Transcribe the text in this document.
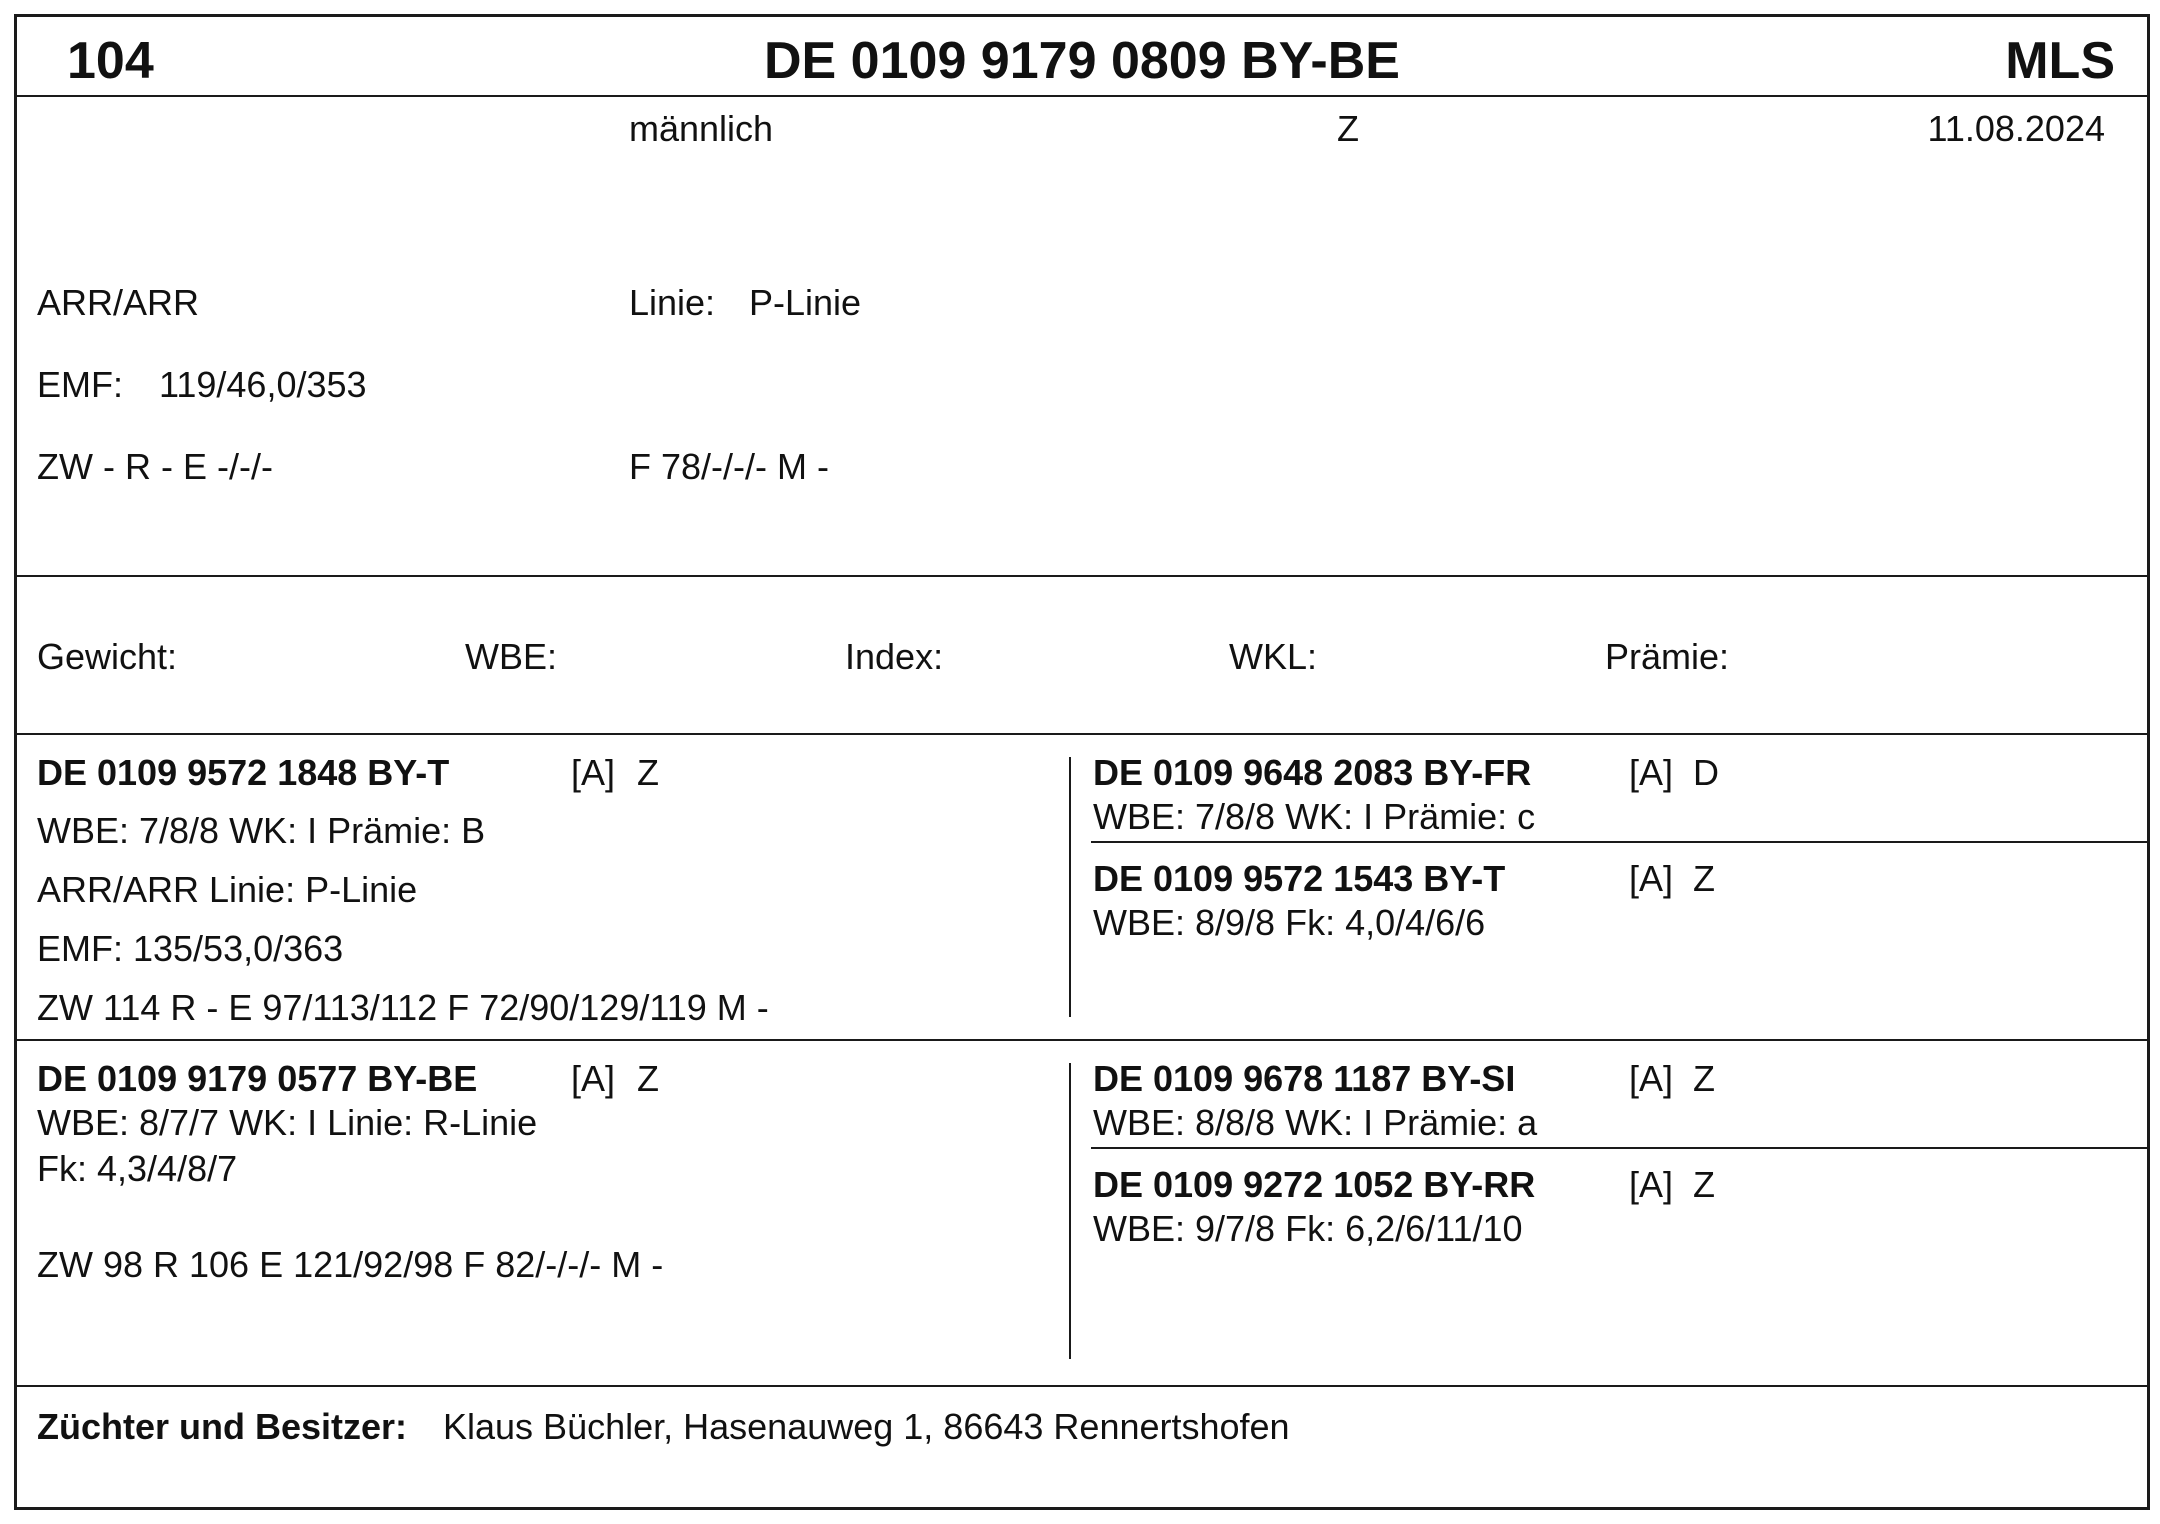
104	DE 0109 9179 0809 BY-BE	MLS
männlich	Z	11.08.2024
ARR/ARR	Linie: P-Linie
EMF: 119/46,0/353
ZW - R - E -/-/-	F 78/-/-/- M -
Gewicht:	WBE:	Index:	WKL:	Prämie:
DE 0109 9572 1848 BY-T	[A] Z
WBE: 7/8/8 WK: I Prämie: B
ARR/ARR Linie: P-Linie
EMF: 135/53,0/363
ZW 114 R - E 97/113/112 F 72/90/129/119 M -
DE 0109 9648 2083 BY-FR	[A] D
WBE: 7/8/8 WK: I Prämie: c
DE 0109 9572 1543 BY-T	[A] Z
WBE: 8/9/8 Fk: 4,0/4/6/6
DE 0109 9179 0577 BY-BE	[A] Z
WBE: 8/7/7 WK: I Linie: R-Linie
Fk: 4,3/4/8/7
ZW 98 R 106 E 121/92/98 F 82/-/-/- M -
DE 0109 9678 1187 BY-SI	[A] Z
WBE: 8/8/8 WK: I Prämie: a
DE 0109 9272 1052 BY-RR	[A] Z
WBE: 9/7/8 Fk: 6,2/6/11/10
Züchter und Besitzer: Klaus Büchler, Hasenauweg 1, 86643 Rennertshofen
